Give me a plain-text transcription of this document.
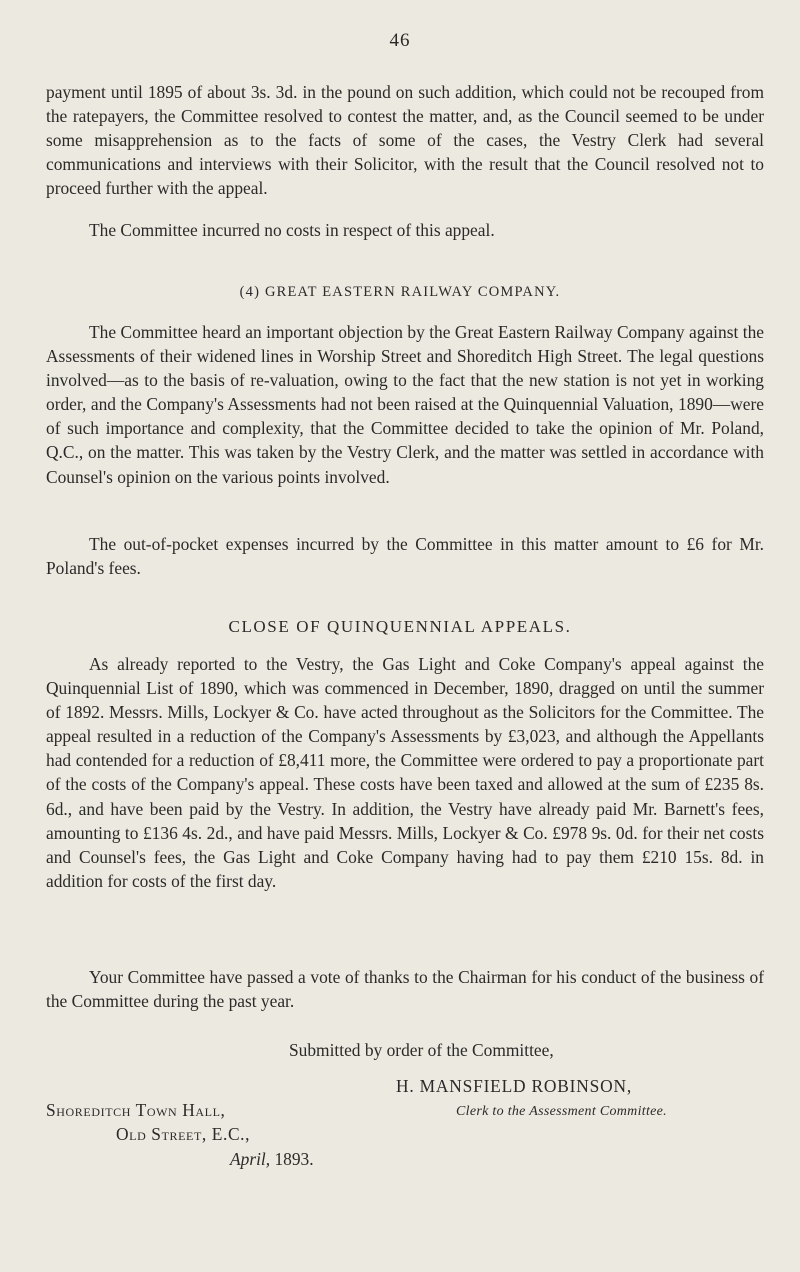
46

payment until 1895 of about 3s. 3d. in the pound on such addition, which could not be recouped from the ratepayers, the Committee resolved to contest the matter, and, as the Council seemed to be under some misapprehension as to the facts of some of the cases, the Vestry Clerk had several communications and interviews with their Solicitor, with the result that the Council resolved not to proceed further with the appeal.

The Committee incurred no costs in respect of this appeal.

(4) GREAT EASTERN RAILWAY COMPANY.

The Committee heard an important objection by the Great Eastern Railway Company against the Assessments of their widened lines in Worship Street and Shoreditch High Street. The legal questions involved—as to the basis of re-valuation, owing to the fact that the new station is not yet in working order, and the Company's Assessments had not been raised at the Quinquennial Valuation, 1890—were of such importance and complexity, that the Committee decided to take the opinion of Mr. Poland, Q.C., on the matter. This was taken by the Vestry Clerk, and the matter was settled in accordance with Counsel's opinion on the various points involved.

The out-of-pocket expenses incurred by the Committee in this matter amount to £6 for Mr. Poland's fees.

CLOSE OF QUINQUENNIAL APPEALS.

As already reported to the Vestry, the Gas Light and Coke Company's appeal against the Quinquennial List of 1890, which was commenced in December, 1890, dragged on until the summer of 1892. Messrs. Mills, Lockyer & Co. have acted throughout as the Solicitors for the Committee. The appeal resulted in a reduction of the Company's Assessments by £3,023, and although the Appellants had contended for a reduction of £8,411 more, the Committee were ordered to pay a proportionate part of the costs of the Company's appeal. These costs have been taxed and allowed at the sum of £235 8s. 6d., and have been paid by the Vestry. In addition, the Vestry have already paid Mr. Barnett's fees, amounting to £136 4s. 2d., and have paid Messrs. Mills, Lockyer & Co. £978 9s. 0d. for their net costs and Counsel's fees, the Gas Light and Coke Company having had to pay them £210 15s. 8d. in addition for costs of the first day.

Your Committee have passed a vote of thanks to the Chairman for his conduct of the business of the Committee during the past year.

Submitted by order of the Committee,

H. MANSFIELD ROBINSON,

Shoreditch Town Hall,	Clerk to the Assessment Committee.

Old Street, E.C.,

April, 1893.
